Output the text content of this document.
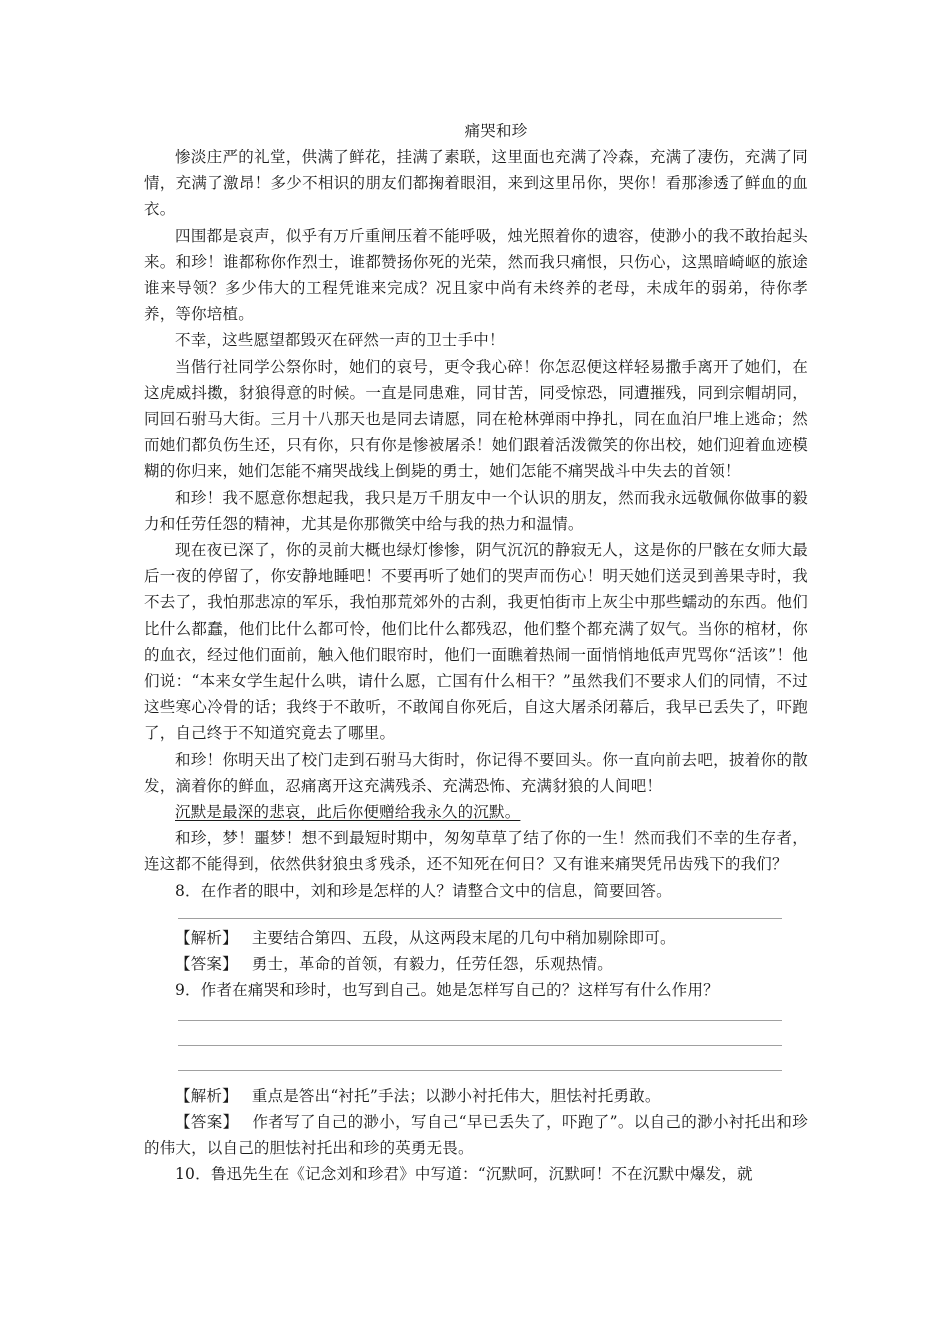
痛哭和珍

惨淡庄严的礼堂，供满了鲜花，挂满了素联，这里面也充满了冷森，充满了凄伤，充满了同情，充满了激昂！多少不相识的朋友们都掬着眼泪，来到这里吊你，哭你！看那渗透了鲜血的血衣。

四围都是哀声，似乎有万斤重闸压着不能呼吸，烛光照着你的遗容，使渺小的我不敢抬起头来。和珍！谁都称你作烈士，谁都赞扬你死的光荣，然而我只痛恨，只伤心，这黑暗崎岖的旅途谁来导领？多少伟大的工程凭谁来完成？况且家中尚有未终养的老母，未成年的弱弟，待你孝养，等你培植。

不幸，这些愿望都毁灭在砰然一声的卫士手中！

当偕行社同学公祭你时，她们的哀号，更令我心碎！你怎忍便这样轻易撒手离开了她们，在这虎威抖擞，豺狼得意的时候。一直是同患难，同甘苦，同受惊恐，同遭摧残，同到宗帽胡同，同回石驸马大街。三月十八那天也是同去请愿，同在枪林弹雨中挣扎，同在血泊尸堆上逃命；然而她们都负伤生还，只有你，只有你是惨被屠杀！她们跟着活泼微笑的你出校，她们迎着血迹模糊的你归来，她们怎能不痛哭战线上倒毙的勇士，她们怎能不痛哭战斗中失去的首领！

和珍！我不愿意你想起我，我只是万千朋友中一个认识的朋友，然而我永远敬佩你做事的毅力和任劳任怨的精神，尤其是你那微笑中给与我的热力和温情。

现在夜已深了，你的灵前大概也绿灯惨惨，阴气沉沉的静寂无人，这是你的尸骸在女师大最后一夜的停留了，你安静地睡吧！不要再听了她们的哭声而伤心！明天她们送灵到善果寺时，我不去了，我怕那悲凉的军乐，我怕那荒郊外的古刹，我更怕街市上灰尘中那些蠕动的东西。他们比什么都蠢，他们比什么都可怜，他们比什么都残忍，他们整个都充满了奴气。当你的棺材，你的血衣，经过他们面前，触入他们眼帘时，他们一面瞧着热闹一面悄悄地低声咒骂你“活该”！他们说：“本来女学生起什么哄，请什么愿，亡国有什么相干？”虽然我们不要求人们的同情，不过这些寒心冷骨的话；我终于不敢听，不敢闻自你死后，自这大屠杀闭幕后，我早已丢失了，吓跑了，自己终于不知道究竟去了哪里。

和珍！你明天出了校门走到石驸马大街时，你记得不要回头。你一直向前去吧，披着你的散发，滴着你的鲜血，忍痛离开这充满残杀、充满恐怖、充满豺狼的人间吧！

沉默是最深的悲哀，此后你便赠给我永久的沉默。

和珍，梦！噩梦！想不到最短时期中，匆匆草草了结了你的一生！然而我们不幸的生存者，连这都不能得到，依然供豺狼虫豸残杀，还不知死在何日？又有谁来痛哭凭吊齿残下的我们？

8．在作者的眼中，刘和珍是怎样的人？请整合文中的信息，简要回答。

【解析】 主要结合第四、五段，从这两段末尾的几句中稍加剔除即可。

【答案】 勇士，革命的首领，有毅力，任劳任怨，乐观热情。

9．作者在痛哭和珍时，也写到自己。她是怎样写自己的？这样写有什么作用？

【解析】 重点是答出“衬托”手法；以渺小衬托伟大，胆怯衬托勇敢。

【答案】 作者写了自己的渺小，写自己“早已丢失了，吓跑了”。以自己的渺小衬托出和珍的伟大，以自己的胆怯衬托出和珍的英勇无畏。

10．鲁迅先生在《记念刘和珍君》中写道：“沉默呵，沉默呵！不在沉默中爆发，就
